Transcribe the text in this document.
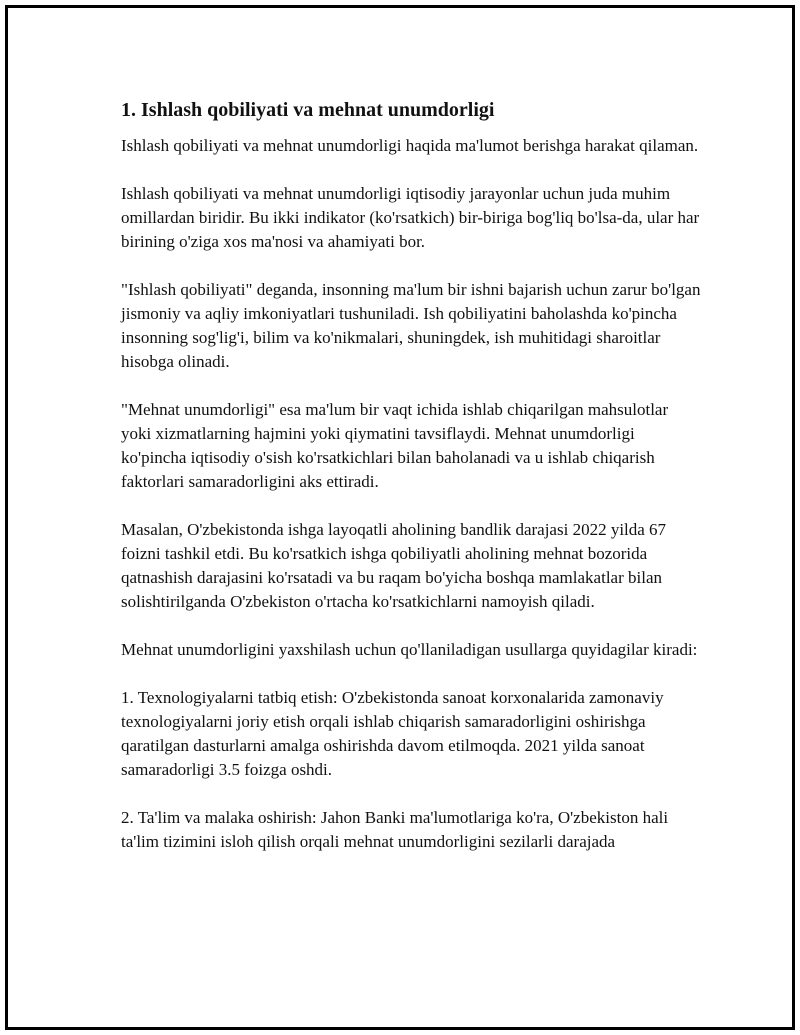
1. Ishlash qobiliyati va mehnat unumdorligi

Ishlash qobiliyati va mehnat unumdorligi haqida ma'lumot berishga harakat qilaman.

Ishlash qobiliyati va mehnat unumdorligi iqtisodiy jarayonlar uchun juda muhim omillardan biridir. Bu ikki indikator (ko'rsatkich) bir-biriga bog'liq bo'lsa-da, ular har birining o'ziga xos ma'nosi va ahamiyati bor.

"Ishlash qobiliyati" deganda, insonning ma'lum bir ishni bajarish uchun zarur bo'lgan jismoniy va aqliy imkoniyatlari tushuniladi. Ish qobiliyatini baholashda ko'pincha insonning sog'lig'i, bilim va ko'nikmalari, shuningdek, ish muhitidagi sharoitlar hisobga olinadi.

"Mehnat unumdorligi" esa ma'lum bir vaqt ichida ishlab chiqarilgan mahsulotlar yoki xizmatlarning hajmini yoki qiymatini tavsiflaydi. Mehnat unumdorligi ko'pincha iqtisodiy o'sish ko'rsatkichlari bilan baholanadi va u ishlab chiqarish faktorlari samaradorligini aks ettiradi.

Masalan, O'zbekistonda ishga layoqatli aholining bandlik darajasi 2022 yilda 67 foizni tashkil etdi. Bu ko'rsatkich ishga qobiliyatli aholining mehnat bozorida qatnashish darajasini ko'rsatadi va bu raqam bo'yicha boshqa mamlakatlar bilan solishtirilganda O'zbekiston o'rtacha ko'rsatkichlarni namoyish qiladi.

Mehnat unumdorligini yaxshilash uchun qo'llaniladigan usullarga quyidagilar kiradi:

1. Texnologiyalarni tatbiq etish: O'zbekistonda sanoat korxonalarida zamonaviy texnologiyalarni joriy etish orqali ishlab chiqarish samaradorligini oshirishga qaratilgan dasturlarni amalga oshirishda davom etilmoqda. 2021 yilda sanoat samaradorligi 3.5 foizga oshdi.

2. Ta'lim va malaka oshirish: Jahon Banki ma'lumotlariga ko'ra, O'zbekiston hali ta'lim tizimini isloh qilish orqali mehnat unumdorligini sezilarli darajada
